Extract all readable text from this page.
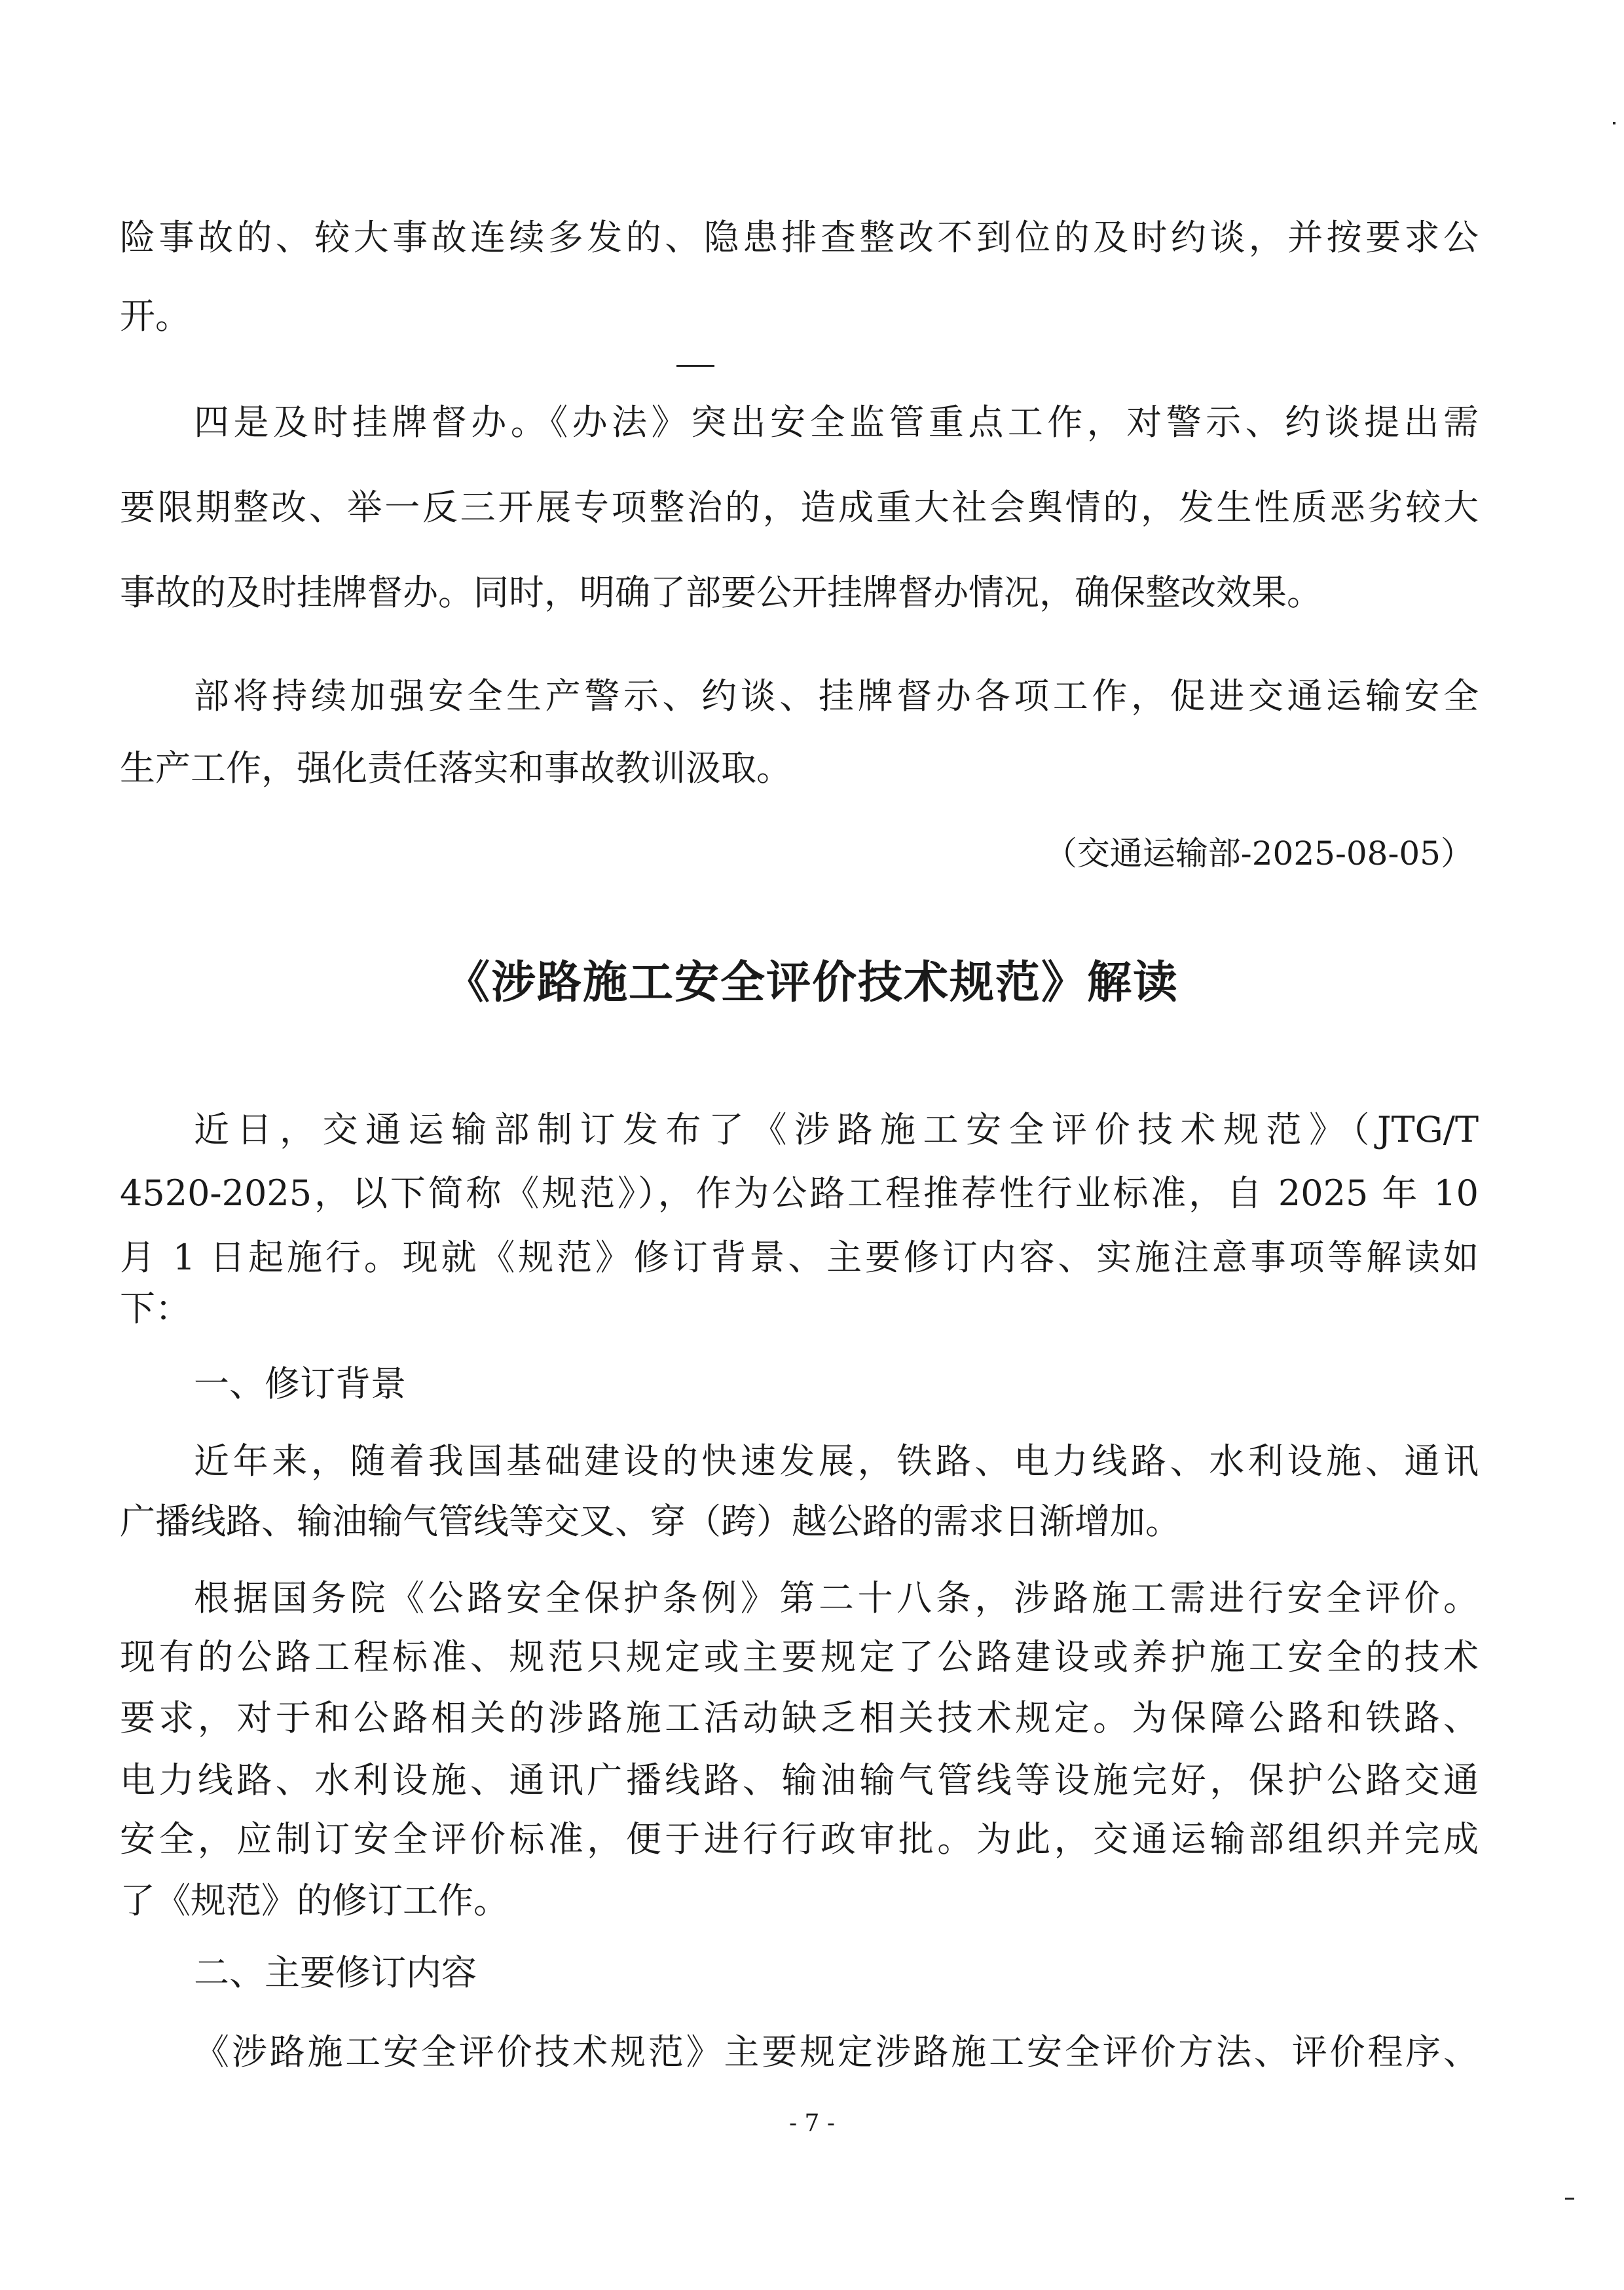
险事故的、较大事故连续多发的、隐患排查整改不到位的及时约谈，并按要求公
开。
四是及时挂牌督办。《办法》突出安全监管重点工作，对警示、约谈提出需
要限期整改、举一反三开展专项整治的，造成重大社会舆情的，发生性质恶劣较大
事故的及时挂牌督办。同时，明确了部要公开挂牌督办情况，确保整改效果。
部将持续加强安全生产警示、约谈、挂牌督办各项工作，促进交通运输安全
生产工作，强化责任落实和事故教训汲取。
（交通运输部-2025-08-05）
《涉路施工安全评价技术规范》解读
近日，交通运输部制订发布了《涉路施工安全评价技术规范》（JTG/T
4520-2025，以下简称《规范》），作为公路工程推荐性行业标准，自 2025 年 10
月 1 日起施行。现就《规范》修订背景、主要修订内容、实施注意事项等解读如
下：
一、修订背景
近年来，随着我国基础建设的快速发展，铁路、电力线路、水利设施、通讯
广播线路、输油输气管线等交叉、穿（跨）越公路的需求日渐增加。
根据国务院《公路安全保护条例》第二十八条，涉路施工需进行安全评价。
现有的公路工程标准、规范只规定或主要规定了公路建设或养护施工安全的技术
要求，对于和公路相关的涉路施工活动缺乏相关技术规定。为保障公路和铁路、
电力线路、水利设施、通讯广播线路、输油输气管线等设施完好，保护公路交通
安全，应制订安全评价标准，便于进行行政审批。为此，交通运输部组织并完成
了《规范》的修订工作。
二、主要修订内容
《涉路施工安全评价技术规范》主要规定涉路施工安全评价方法、评价程序、
- 7 -
